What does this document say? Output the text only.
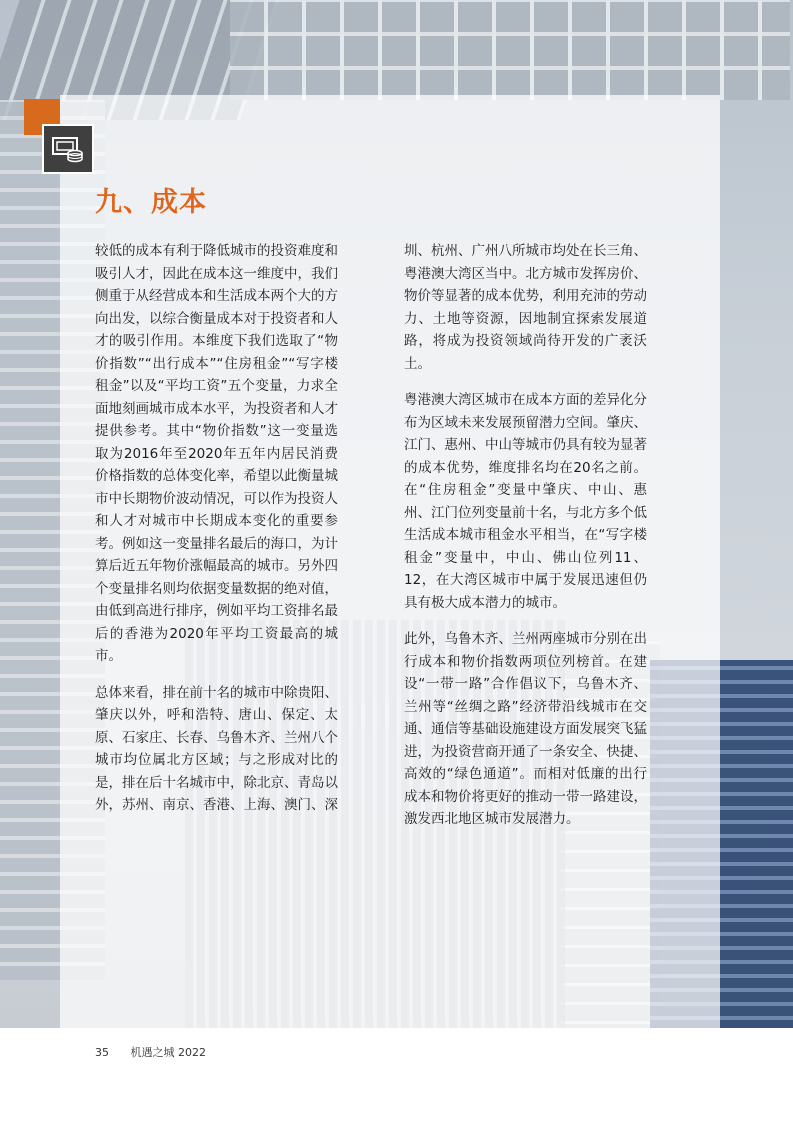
九、成本

较低的成本有利于降低城市的投资难度和吸引人才，因此在成本这一维度中，我们侧重于从经营成本和生活成本两个大的方向出发，以综合衡量成本对于投资者和人才的吸引作用。本维度下我们选取了“物价指数”“出行成本”“住房租金”“写字楼租金”以及“平均工资”五个变量，力求全面地刻画城市成本水平，为投资者和人才提供参考。其中“物价指数”这一变量选取为2016年至2020年五年内居民消费价格指数的总体变化率，希望以此衡量城市中长期物价波动情况，可以作为投资人和人才对城市中长期成本变化的重要参考。例如这一变量排名最后的海口，为计算后近五年物价涨幅最高的城市。另外四个变量排名则均依据变量数据的绝对值，由低到高进行排序，例如平均工资排名最后的香港为2020年平均工资最高的城市。

总体来看，排在前十名的城市中除贵阳、肇庆以外，呼和浩特、唐山、保定、太原、石家庄、长春、乌鲁木齐、兰州八个城市均位属北方区域；与之形成对比的是，排在后十名城市中，除北京、青岛以外，苏州、南京、香港、上海、澳门、深

圳、杭州、广州八所城市均处在长三角、粤港澳大湾区当中。北方城市发挥房价、物价等显著的成本优势，利用充沛的劳动力、土地等资源，因地制宜探索发展道路，将成为投资领域尚待开发的广袤沃土。

粤港澳大湾区城市在成本方面的差异化分布为区域未来发展预留潜力空间。肇庆、江门、惠州、中山等城市仍具有较为显著的成本优势，维度排名均在20名之前。在“住房租金”变量中肇庆、中山、惠州、江门位列变量前十名，与北方多个低生活成本城市租金水平相当，在“写字楼租金”变量中，中山、佛山位列11、12，在大湾区城市中属于发展迅速但仍具有极大成本潜力的城市。

此外，乌鲁木齐、兰州两座城市分别在出行成本和物价指数两项位列榜首。在建设“一带一路”合作倡议下，乌鲁木齐、兰州等“丝绸之路”经济带沿线城市在交通、通信等基础设施建设方面发展突飞猛进，为投资营商开通了一条安全、快捷、高效的“绿色通道”。而相对低廉的出行成本和物价将更好的推动一带一路建设，激发西北地区城市发展潜力。

35 机遇之城 2022
